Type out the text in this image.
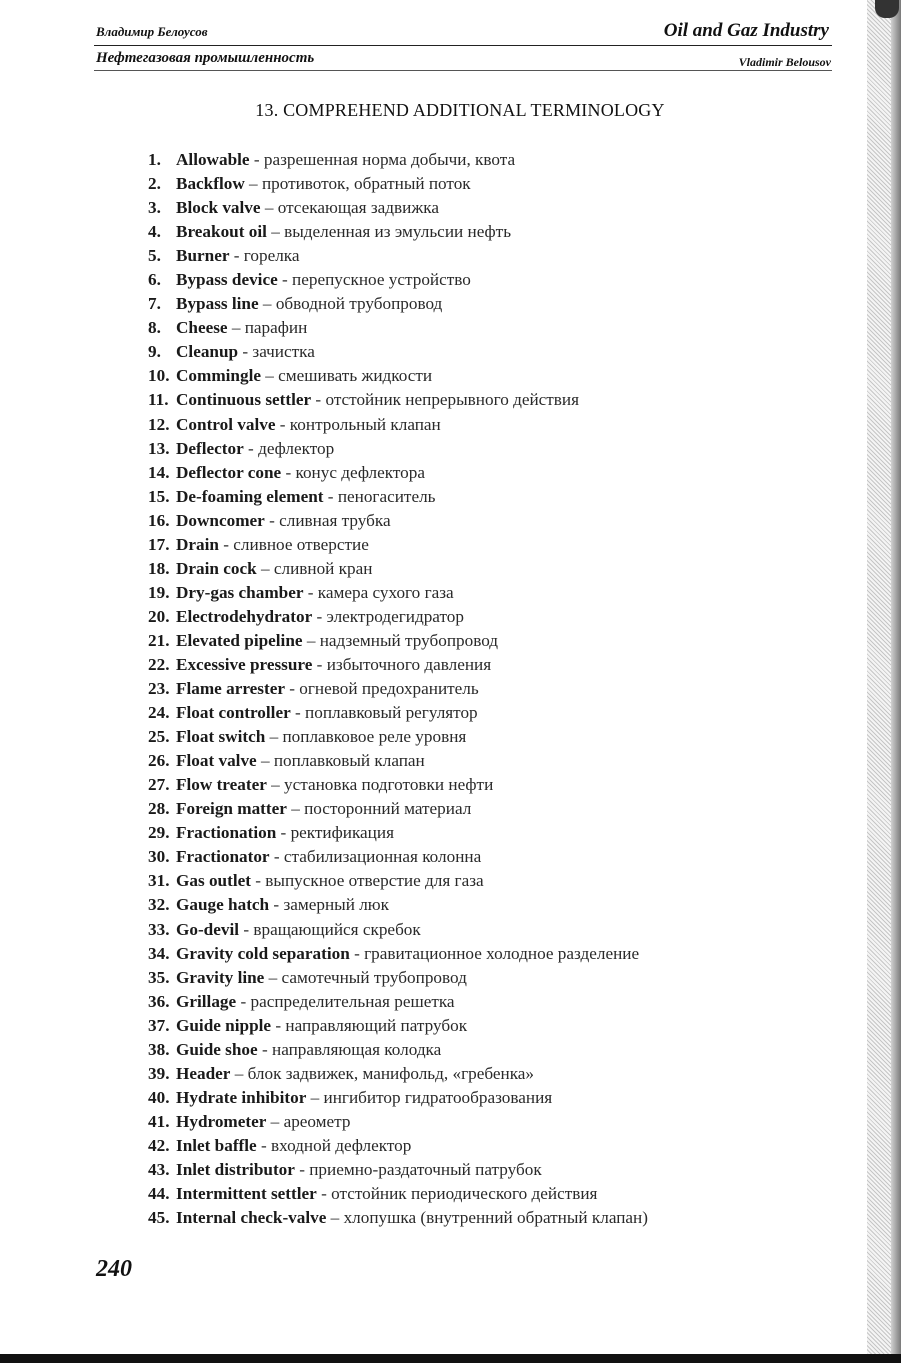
Владимир Белоусов	Oil and Gaz Industry
Нефтегазовая промышленность	Vladimir Belousov
13. COMPREHEND ADDITIONAL TERMINOLOGY
1. Allowable - разрешенная норма добычи, квота
2. Backflow – противоток, обратный поток
3. Block valve – отсекающая задвижка
4. Breakout oil – выделенная из эмульсии нефть
5. Burner - горелка
6. Bypass device - перепускное устройство
7. Bypass line – обводной трубопровод
8. Cheese – парафин
9. Cleanup - зачистка
10. Commingle – смешивать жидкости
11. Continuous settler - отстойник непрерывного действия
12. Control valve - контрольный клапан
13. Deflector - дефлектор
14. Deflector cone - конус дефлектора
15. De-foaming element - пеногаситель
16. Downcomer - сливная трубка
17. Drain - сливное отверстие
18. Drain cock – сливной кран
19. Dry-gas chamber - камера сухого газа
20. Electrodehydrator - электродегидратор
21. Elevated pipeline – надземный трубопровод
22. Excessive pressure - избыточного давления
23. Flame arrester - огневой предохранитель
24. Float controller - поплавковый регулятор
25. Float switch – поплавковое реле уровня
26. Float valve – поплавковый клапан
27. Flow treater – установка подготовки нефти
28. Foreign matter – посторонний материал
29. Fractionation - ректификация
30. Fractionator - стабилизационная колонна
31. Gas outlet - выпускное отверстие для газа
32. Gauge hatch - замерный люк
33. Go-devil - вращающийся скребок
34. Gravity cold separation - гравитационное холодное разделение
35. Gravity line – самотечный трубопровод
36. Grillage - распределительная решетка
37. Guide nipple - направляющий патрубок
38. Guide shoe - направляющая колодка
39. Header – блок задвижек, манифольд, «гребенка»
40. Hydrate inhibitor – ингибитор гидратообразования
41. Hydrometer – ареометр
42. Inlet baffle - входной дефлектор
43. Inlet distributor - приемно-раздаточный патрубок
44. Intermittent settler - отстойник периодического действия
45. Internal check-valve – хлопушка (внутренний обратный клапан)
240
